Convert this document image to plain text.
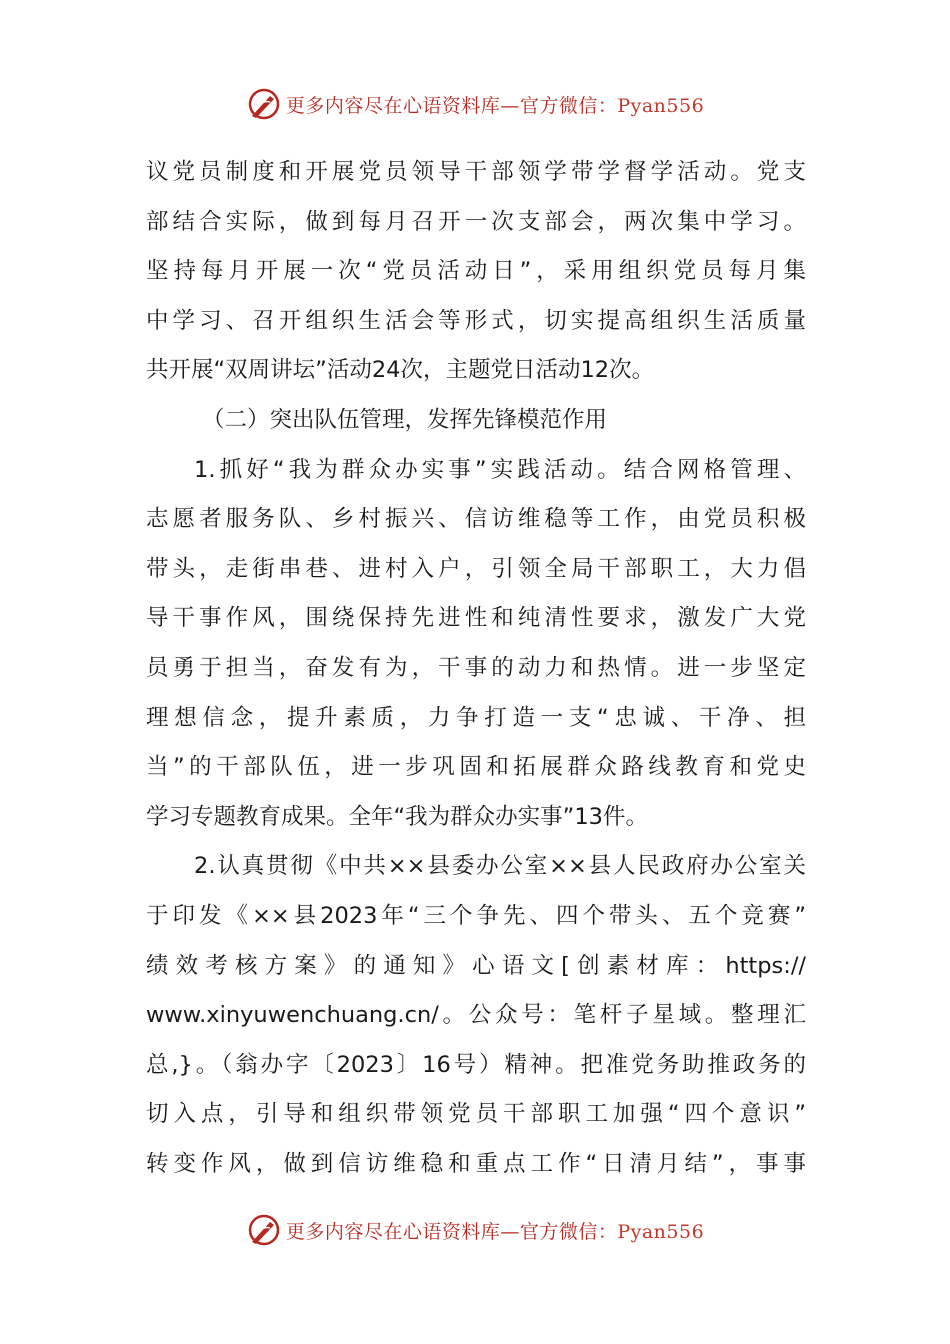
更多内容尽在心语资料库—官方微信：Pyan556
议党员制度和开展党员领导干部领学带学督学活动。党支
部结合实际，做到每月召开一次支部会，两次集中学习。
坚持每月开展一次“党员活动日”，采用组织党员每月集
中学习、召开组织生活会等形式，切实提高组织生活质量
共开展“双周讲坛”活动24次，主题党日活动12次。
（二）突出队伍管理，发挥先锋模范作用
1.抓好“我为群众办实事”实践活动。结合网格管理、
志愿者服务队、乡村振兴、信访维稳等工作，由党员积极
带头，走街串巷、进村入户，引领全局干部职工，大力倡
导干事作风，围绕保持先进性和纯清性要求，激发广大党
员勇于担当，奋发有为，干事的动力和热情。进一步坚定
理想信念，提升素质，力争打造一支“忠诚、干净、担
当”的干部队伍，进一步巩固和拓展群众路线教育和党史
学习专题教育成果。全年“我为群众办实事”13件。
2.认真贯彻《中共××县委办公室××县人民政府办公室关
于印发《××县2023年“三个争先、四个带头、五个竞赛”
绩效考核方案》的通知》心语文[创素材库：https://
www.xinyuwenchuang.cn/。公众号：笔杆子星域。整理汇
总,}。（翁办字〔2023〕16号）精神。把准党务助推政务的
切入点，引导和组织带领党员干部职工加强“四个意识”
转变作风，做到信访维稳和重点工作“日清月结”，事事
更多内容尽在心语资料库—官方微信：Pyan556
